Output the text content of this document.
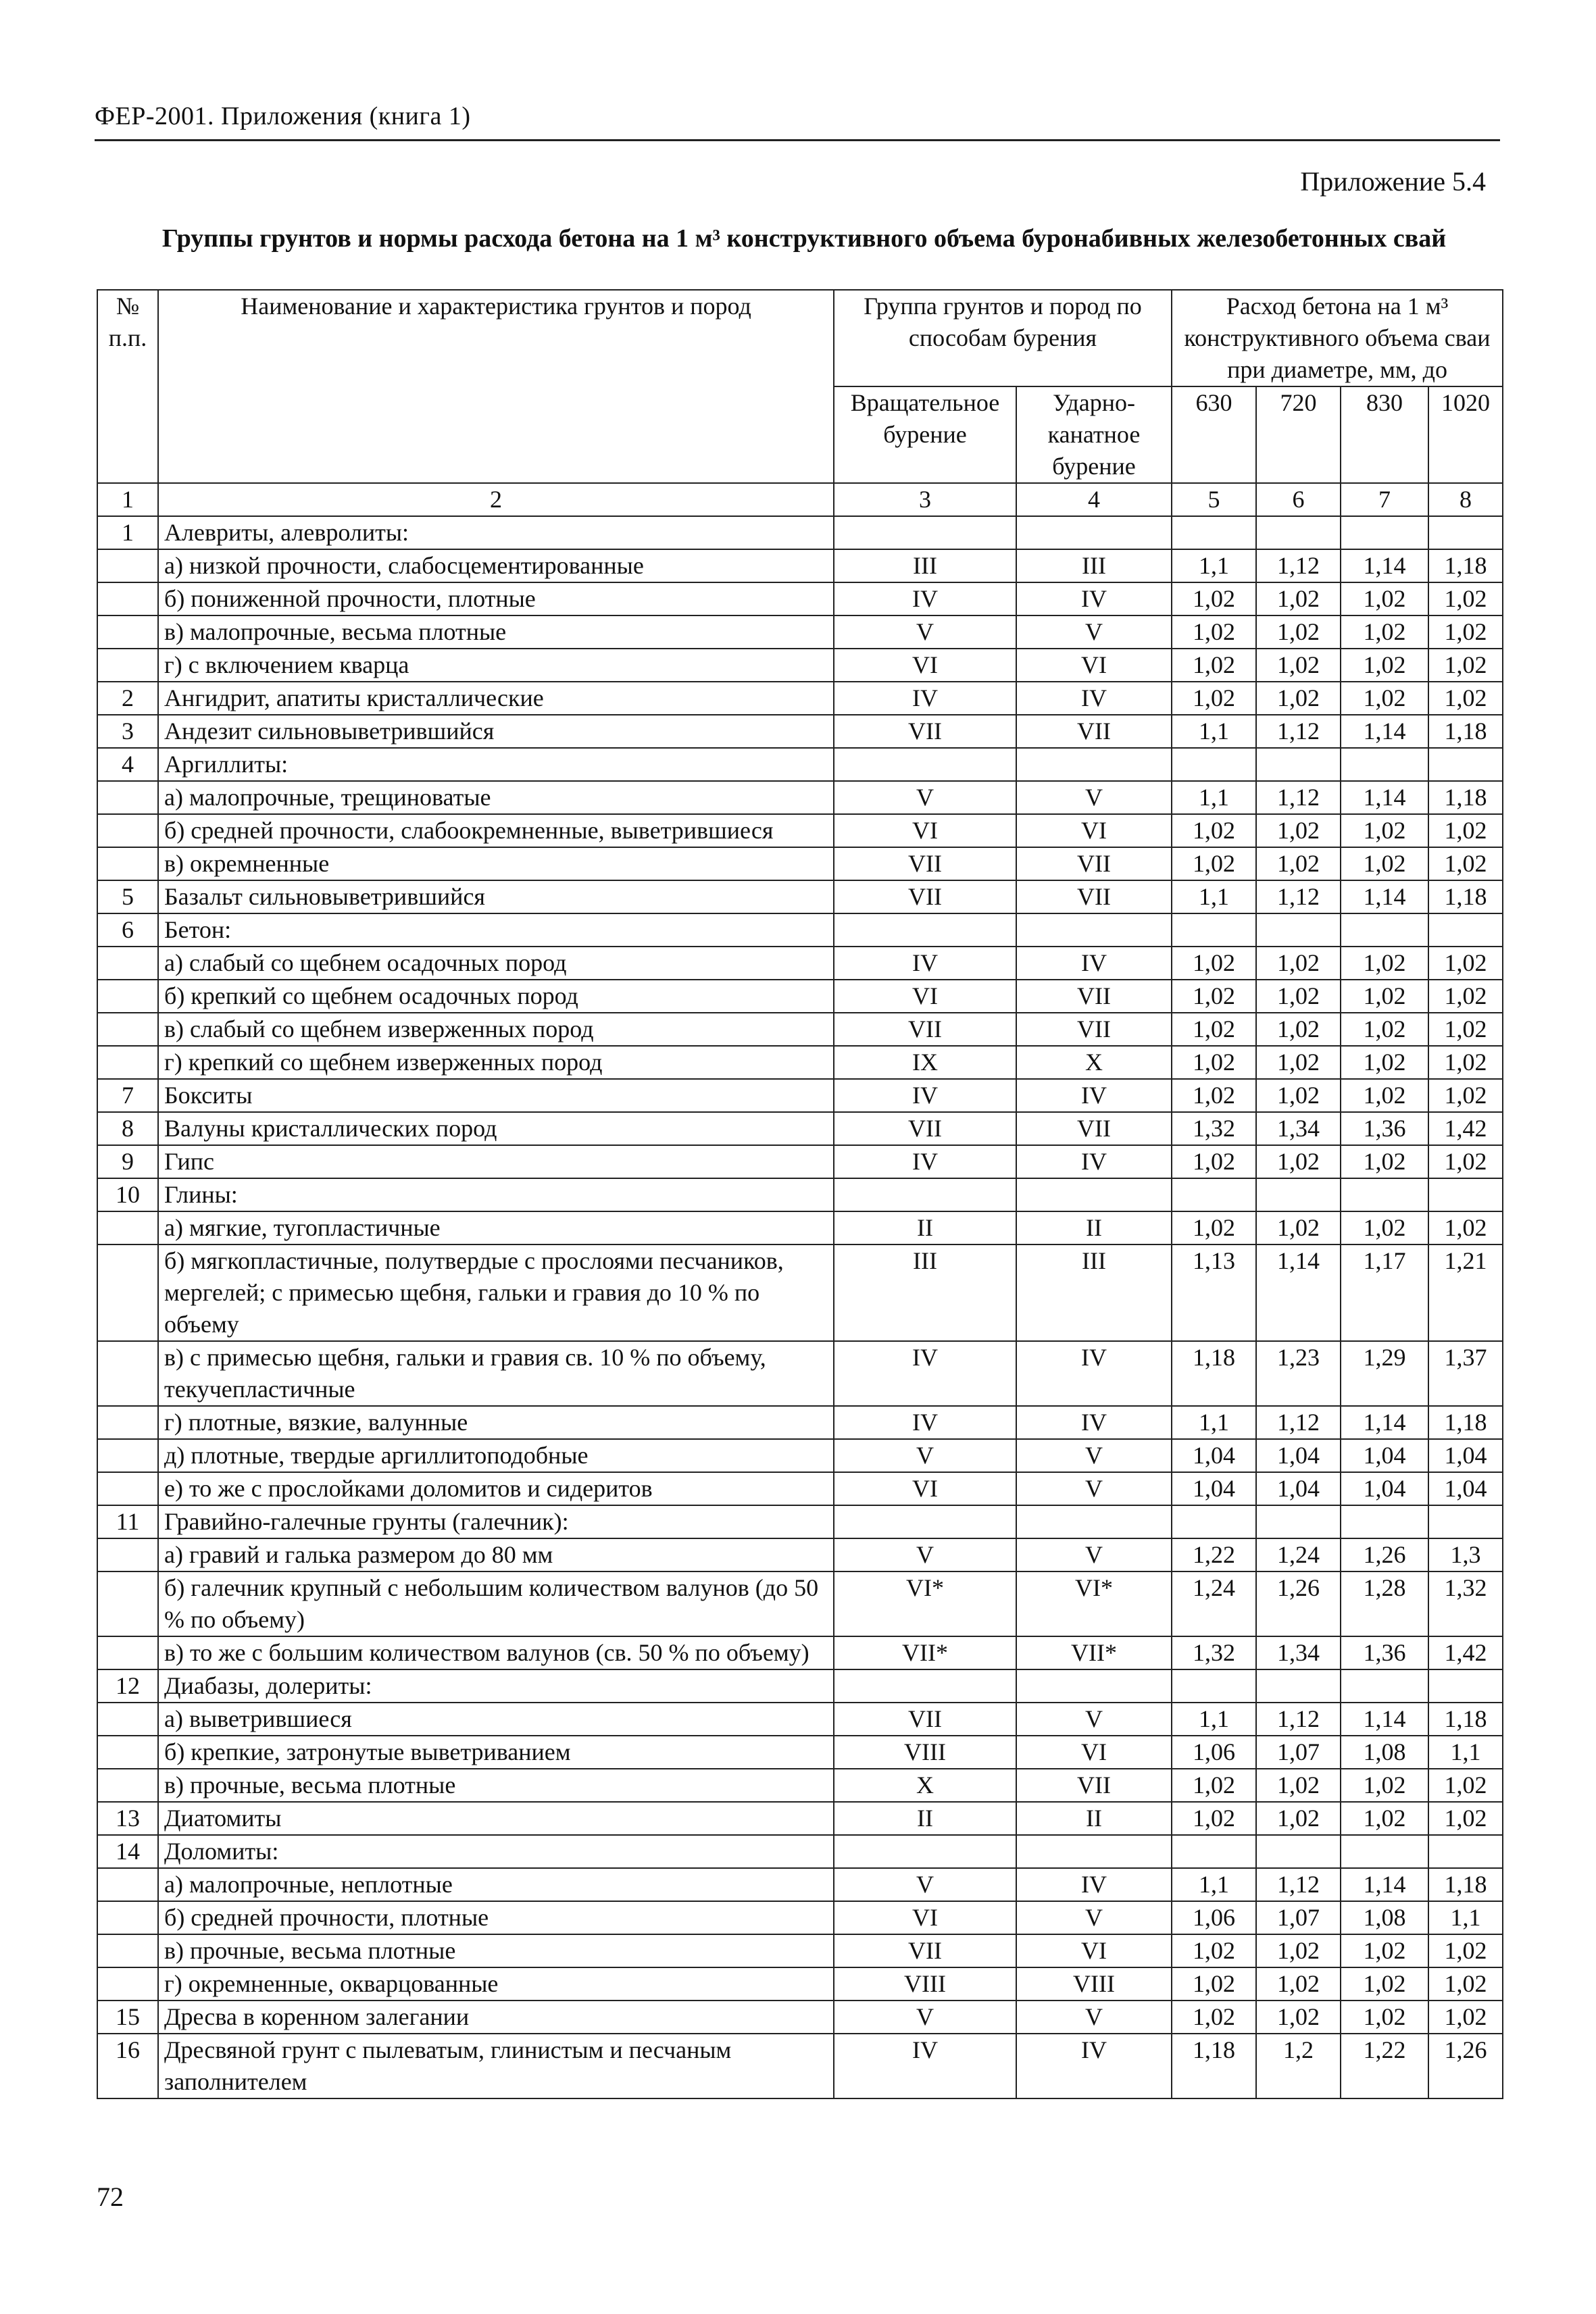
ФЕР-2001. Приложения (книга 1)
Приложение 5.4
Группы грунтов и нормы расхода бетона на 1 м³ конструктивного объема буронабивных железобетонных свай
№ п.п.	Наименование и характеристика грунтов и пород	Группа грунтов и пород по способам бурения		Расход бетона на 1 м³ конструктивного объема сваи при диаметре, мм, до			
		Вращательное бурение	Ударно-канатное бурение	630	720	830	1020
1	2	3	4	5	6	7	8
1	Алевриты, алевролиты:						
	а) низкой прочности, слабосцементированные	III	III	1,1	1,12	1,14	1,18
	б) пониженной прочности, плотные	IV	IV	1,02	1,02	1,02	1,02
	в) малопрочные, весьма плотные	V	V	1,02	1,02	1,02	1,02
	г) с включением кварца	VI	VI	1,02	1,02	1,02	1,02
2	Ангидрит, апатиты кристаллические	IV	IV	1,02	1,02	1,02	1,02
3	Андезит сильновыветрившийся	VII	VII	1,1	1,12	1,14	1,18
4	Аргиллиты:						
	а) малопрочные, трещиноватые	V	V	1,1	1,12	1,14	1,18
	б) средней прочности, слабоокремненные, выветрившиеся	VI	VI	1,02	1,02	1,02	1,02
	в) окремненные	VII	VII	1,02	1,02	1,02	1,02
5	Базальт сильновыветрившийся	VII	VII	1,1	1,12	1,14	1,18
6	Бетон:						
	а) слабый со щебнем осадочных пород	IV	IV	1,02	1,02	1,02	1,02
	б) крепкий со щебнем осадочных пород	VI	VII	1,02	1,02	1,02	1,02
	в) слабый со щебнем изверженных пород	VII	VII	1,02	1,02	1,02	1,02
	г) крепкий со щебнем изверженных пород	IX	X	1,02	1,02	1,02	1,02
7	Бокситы	IV	IV	1,02	1,02	1,02	1,02
8	Валуны кристаллических пород	VII	VII	1,32	1,34	1,36	1,42
9	Гипс	IV	IV	1,02	1,02	1,02	1,02
10	Глины:						
	а) мягкие, тугопластичные	II	II	1,02	1,02	1,02	1,02
	б) мягкопластичные, полутвердые с прослоями песчаников, мергелей; с примесью щебня, гальки и гравия до 10 % по объему	III	III	1,13	1,14	1,17	1,21
	в) с примесью щебня, гальки и гравия св. 10 % по объему, текучепластичные	IV	IV	1,18	1,23	1,29	1,37
	г) плотные, вязкие, валунные	IV	IV	1,1	1,12	1,14	1,18
	д) плотные, твердые аргиллитоподобные	V	V	1,04	1,04	1,04	1,04
	е) то же с прослойками доломитов и сидеритов	VI	V	1,04	1,04	1,04	1,04
11	Гравийно-галечные грунты (галечник):						
	а) гравий и галька размером до 80 мм	V	V	1,22	1,24	1,26	1,3
	б) галечник крупный с небольшим количеством валунов (до 50 % по объему)	VI*	VI*	1,24	1,26	1,28	1,32
	в) то же с большим количеством валунов (св. 50 % по объему)	VII*	VII*	1,32	1,34	1,36	1,42
12	Диабазы, долериты:						
	а) выветрившиеся	VII	V	1,1	1,12	1,14	1,18
	б) крепкие, затронутые выветриванием	VIII	VI	1,06	1,07	1,08	1,1
	в) прочные, весьма плотные	X	VII	1,02	1,02	1,02	1,02
13	Диатомиты	II	II	1,02	1,02	1,02	1,02
14	Доломиты:						
	а) малопрочные, неплотные	V	IV	1,1	1,12	1,14	1,18
	б) средней прочности, плотные	VI	V	1,06	1,07	1,08	1,1
	в) прочные, весьма плотные	VII	VI	1,02	1,02	1,02	1,02
	г) окремненные, окварцованные	VIII	VIII	1,02	1,02	1,02	1,02
15	Дресва в коренном залегании	V	V	1,02	1,02	1,02	1,02
16	Дресвяной грунт с пылеватым, глинистым и песчаным заполнителем	IV	IV	1,18	1,2	1,22	1,26
72
